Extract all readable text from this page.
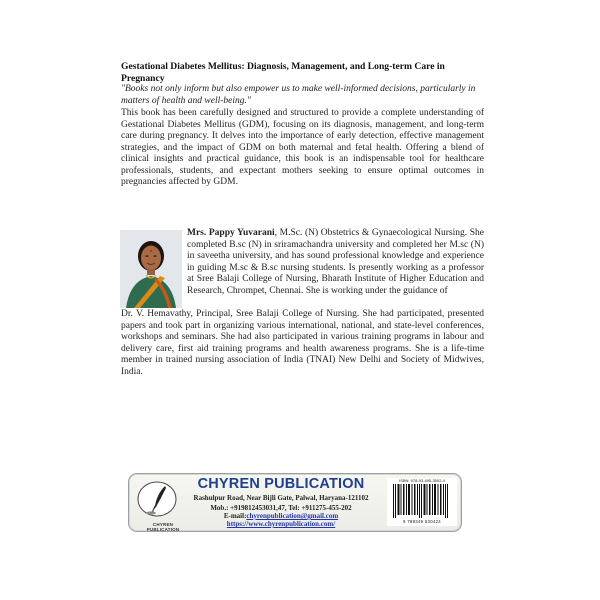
Gestational Diabetes Mellitus: Diagnosis, Management, and Long-term Care in Pregnancy
"Books not only inform but also empower us to make well-informed decisions, particularly in matters of health and well-being."
This book has been carefully designed and structured to provide a complete understanding of Gestational Diabetes Mellitus (GDM), focusing on its diagnosis, management, and long-term care during pregnancy. It delves into the importance of early detection, effective management strategies, and the impact of GDM on both maternal and fetal health. Offering a blend of clinical insights and practical guidance, this book is an indispensable tool for healthcare professionals, students, and expectant mothers seeking to ensure optimal outcomes in pregnancies affected by GDM.
Mrs. Pappy Yuvarani, M.Sc. (N) Obstetrics & Gynaecological Nursing. She completed B.sc (N) in sriramachandra university and completed her M.sc (N) in saveetha university, and has sound professional knowledge and experience in guiding M.sc & B.sc nursing students. Is presently working as a professor at Sree Balaji College of Nursing, Bharath Institute of Higher Education and Research, Chrompet, Chennai. She is working under the guidance of
Dr. V. Hemavathy, Principal, Sree Balaji College of Nursing. She had participated, presented papers and took part in organizing various international, national, and state-level conferences, workshops and seminars. She had also participated in various training programs in labour and delivery care, first aid training programs and health awareness programs. She is a life-time member in trained nursing association of India (TNAI) New Delhi and Society of Midwives, India.
CHYREN PUBLICATION
CHYREN PUBLICATION
Rashulpur Road, Near Bijli Gate, Palwal, Haryana-121102
Mob.: +919812453031,47, Tel: +911275-455-202
E-mail:chyrenpublication@gmail.com
https://www.chyrenpublication.com/
ISBN: 978-93-495-3502-4
9 789349 530424
